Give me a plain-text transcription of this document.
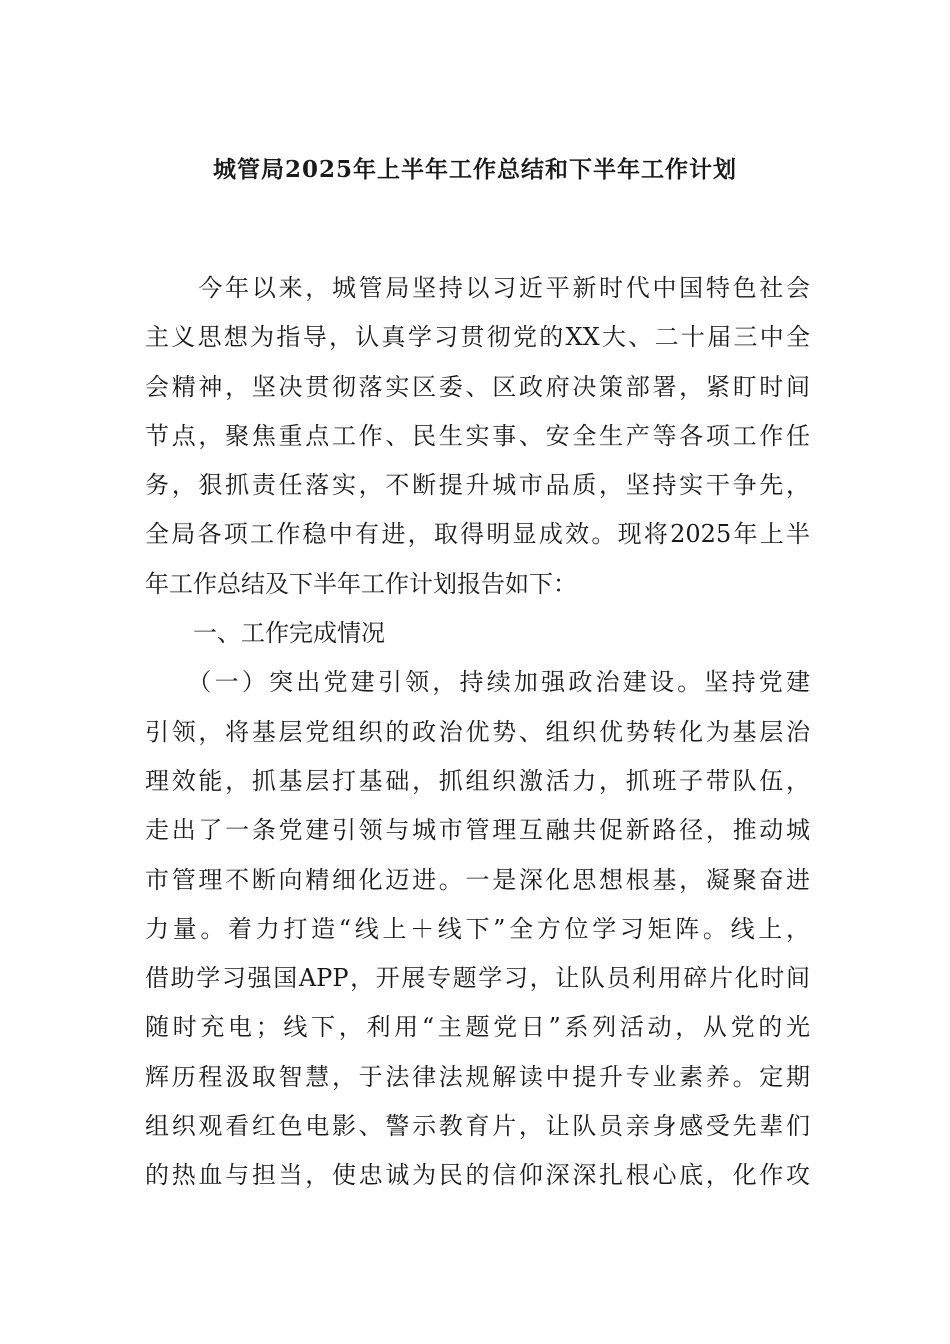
城管局2025年上半年工作总结和下半年工作计划
　　今年以来，城管局坚持以习近平新时代中国特色社会
主义思想为指导，认真学习贯彻党的XX大、二十届三中全
会精神，坚决贯彻落实区委、区政府决策部署，紧盯时间
节点，聚焦重点工作、民生实事、安全生产等各项工作任
务，狠抓责任落实，不断提升城市品质，坚持实干争先，
全局各项工作稳中有进，取得明显成效。现将2025年上半
年工作总结及下半年工作计划报告如下：
　　一、工作完成情况
　　（一）突出党建引领，持续加强政治建设。坚持党建
引领，将基层党组织的政治优势、组织优势转化为基层治
理效能，抓基层打基础，抓组织激活力，抓班子带队伍，
走出了一条党建引领与城市管理互融共促新路径，推动城
市管理不断向精细化迈进。一是深化思想根基，凝聚奋进
力量。着力打造“线上＋线下”全方位学习矩阵。线上，
借助学习强国APP，开展专题学习，让队员利用碎片化时间
随时充电；线下，利用“主题党日”系列活动，从党的光
辉历程汲取智慧，于法律法规解读中提升专业素养。定期
组织观看红色电影、警示教育片，让队员亲身感受先辈们
的热血与担当，使忠诚为民的信仰深深扎根心底，化作攻
